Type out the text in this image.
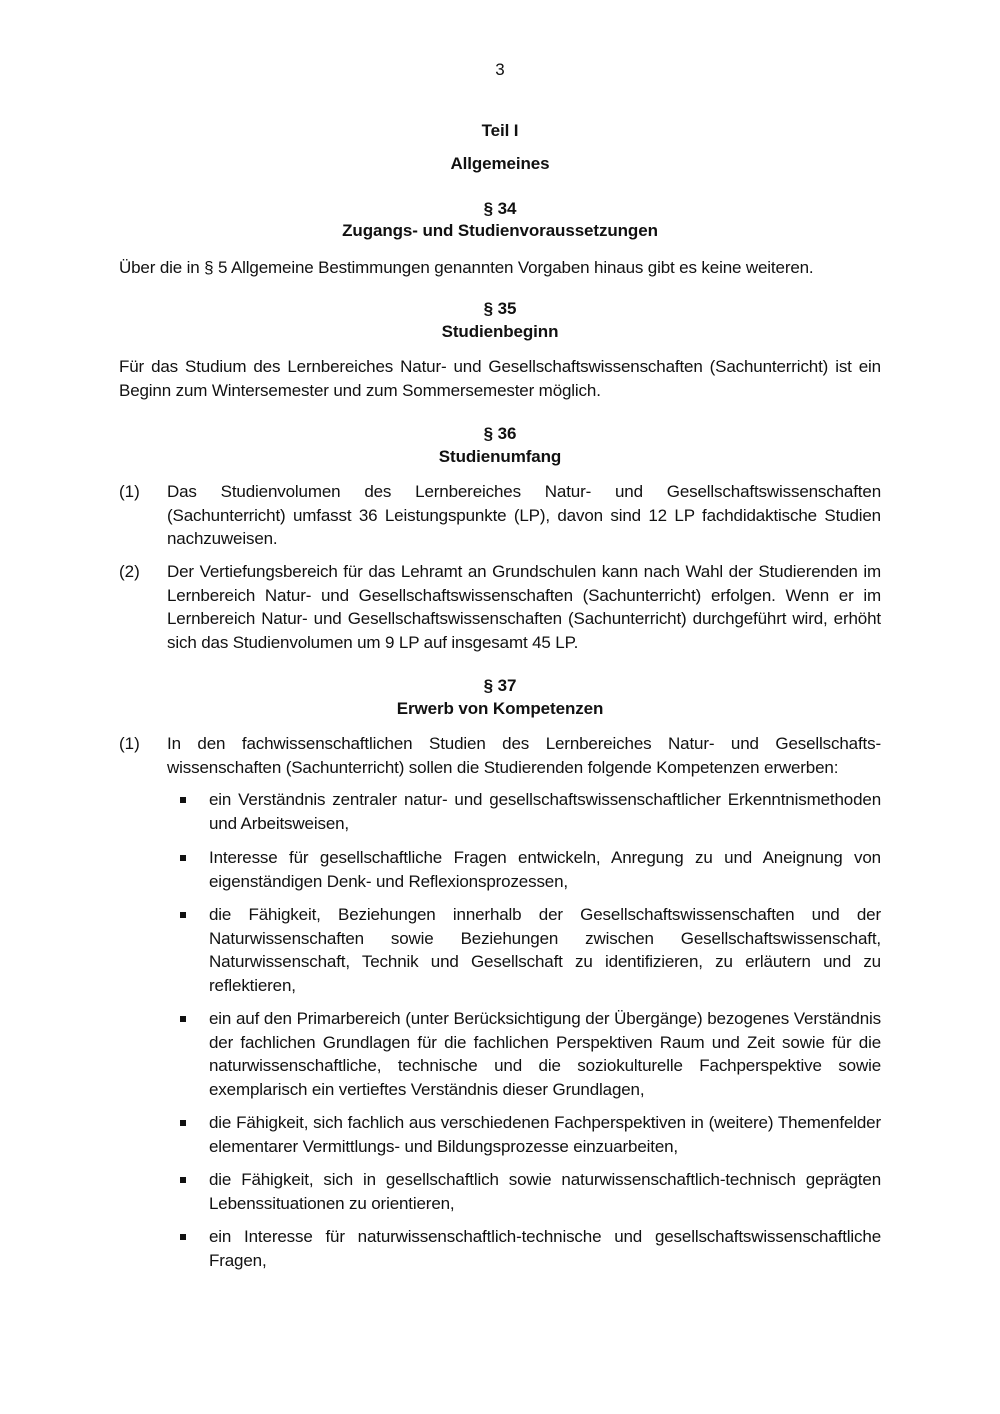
3
Teil I
Allgemeines
§ 34
Zugangs- und Studienvoraussetzungen
Über die in § 5 Allgemeine Bestimmungen genannten Vorgaben hinaus gibt es keine weiteren.
§ 35
Studienbeginn
Für das Studium des Lernbereiches Natur- und Gesellschaftswissenschaften (Sachunterricht) ist ein Beginn zum Wintersemester und zum Sommersemester möglich.
§ 36
Studienumfang
(1) Das Studienvolumen des Lernbereiches Natur- und Gesellschaftswissenschaften (Sachunterricht) umfasst 36 Leistungspunkte (LP), davon sind 12 LP fachdidaktische Studien nachzuweisen.
(2) Der Vertiefungsbereich für das Lehramt an Grundschulen kann nach Wahl der Studierenden im Lernbereich Natur- und Gesellschaftswissenschaften (Sachunterricht) erfolgen. Wenn er im Lernbereich Natur- und Gesellschaftswissenschaften (Sachunterricht) durchgeführt wird, erhöht sich das Studienvolumen um 9 LP auf insgesamt 45 LP.
§ 37
Erwerb von Kompetenzen
(1) In den fachwissenschaftlichen Studien des Lernbereiches Natur- und Gesellschafts-wissenschaften (Sachunterricht) sollen die Studierenden folgende Kompetenzen erwerben:
ein Verständnis zentraler natur- und gesellschaftswissenschaftlicher Erkenntnismethoden und Arbeitsweisen,
Interesse für gesellschaftliche Fragen entwickeln, Anregung zu und Aneignung von eigenständigen Denk- und Reflexionsprozessen,
die Fähigkeit, Beziehungen innerhalb der Gesellschaftswissenschaften und der Naturwissenschaften sowie Beziehungen zwischen Gesellschaftswissenschaft, Naturwissenschaft, Technik und Gesellschaft zu identifizieren, zu erläutern und zu reflektieren,
ein auf den Primarbereich (unter Berücksichtigung der Übergänge) bezogenes Verständnis der fachlichen Grundlagen für die fachlichen Perspektiven Raum und Zeit sowie für die naturwissenschaftliche, technische und die soziokulturelle Fachperspektive sowie exemplarisch ein vertieftes Verständnis dieser Grundlagen,
die Fähigkeit, sich fachlich aus verschiedenen Fachperspektiven in (weitere) Themenfelder elementarer Vermittlungs- und Bildungsprozesse einzuarbeiten,
die Fähigkeit, sich in gesellschaftlich sowie naturwissenschaftlich-technisch geprägten Lebenssituationen zu orientieren,
ein Interesse für naturwissenschaftlich-technische und gesellschaftswissenschaftliche Fragen,
